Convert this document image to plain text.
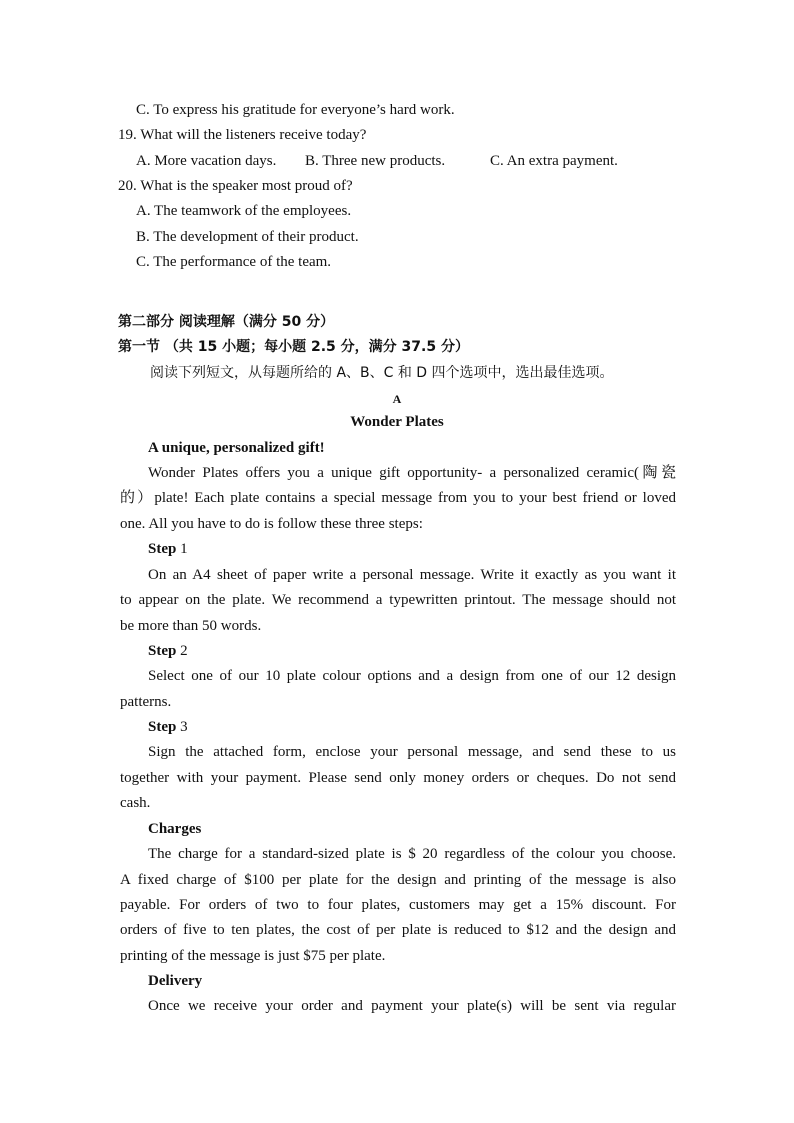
C. To express his gratitude for everyone’s hard work.
19. What will the listeners receive today?
A. More vacation days. B. Three new products.	C. An extra payment.
20. What is the speaker most proud of?
A. The teamwork of the employees.
B. The development of their product.
C. The performance of the team.
第二部分 阅读理解（满分 50 分）
第一节 （共 15 小题；每小题 2.5 分，满分 37.5 分）
阅读下列短文，从每题所给的 A、B、C 和 D 四个选项中，选出最佳选项。
A
Wonder Plates
A unique, personalized gift!
Wonder Plates offers you a unique gift opportunity- a personalized ceramic(陶瓷
的）plate! Each plate contains a special message from you to your best friend or loved
one. All you have to do is follow these three steps:
Step 1
On an A4 sheet of paper write a personal message. Write it exactly as you want it
to appear on the plate. We recommend a typewritten printout. The message should not
be more than 50 words.
Step 2
Select one of our 10 plate colour options and a design from one of our 12 design
patterns.
Step 3
Sign the attached form, enclose your personal message, and send these to us
together with your payment. Please send only money orders or cheques. Do not send
cash.
Charges
The charge for a standard-sized plate is $ 20 regardless of the colour you choose.
A fixed charge of $100 per plate for the design and printing of the message is also
payable. For orders of two to four plates, customers may get a 15% discount. For
orders of five to ten plates, the cost of per plate is reduced to $12 and the design and
printing of the message is just $75 per plate.
Delivery
Once we receive your order and payment your plate(s) will be sent via regular
